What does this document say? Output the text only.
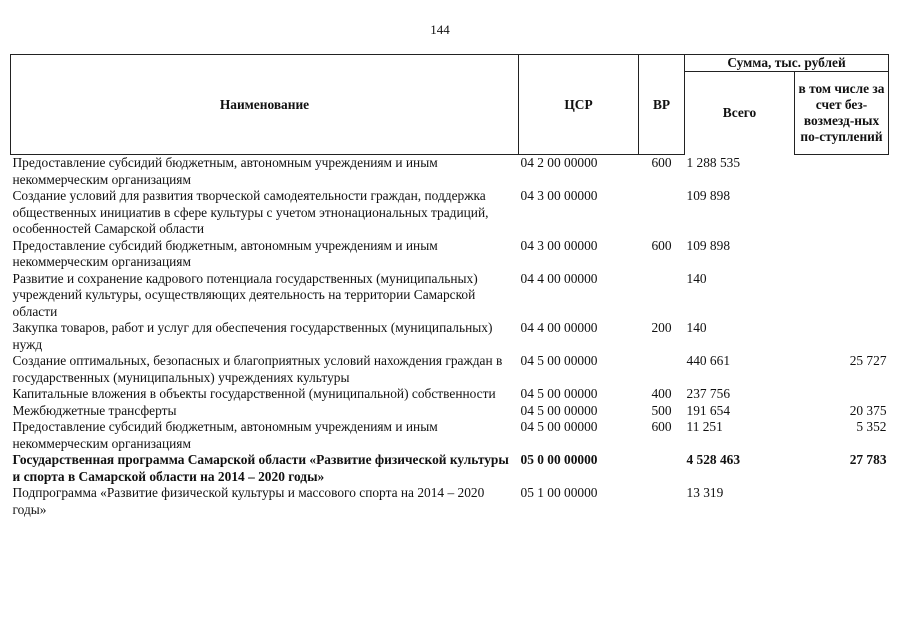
144
Наименование	ЦСР	ВР	Сумма, тыс. рублей	
			Всего	в том числе за счет без-возмезд-ных по-ступлений
Предоставление субсидий бюджетным, автономным учреждениям и иным некоммерческим организациям	04 2 00 00000	600	1 288 535	
Создание условий для развития творческой самодеятельности граждан, поддержка общественных инициатив в сфере культуры с учетом этнонациональных традиций, особенностей Самарской области	04 3 00 00000		109 898	
Предоставление субсидий бюджетным, автономным учреждениям и иным некоммерческим организациям	04 3 00 00000	600	109 898	
Развитие и сохранение кадрового потенциала государственных (муниципальных) учреждений культуры, осуществляющих деятельность на территории Самарской области	04 4 00 00000		140	
Закупка товаров, работ и услуг для обеспечения государственных (муниципальных) нужд	04 4 00 00000	200	140	
Создание оптимальных, безопасных и благоприятных условий нахождения граждан в государственных (муниципальных) учреждениях культуры	04 5 00 00000		440 661	25 727
Капитальные вложения в объекты государственной (муниципальной) собственности	04 5 00 00000	400	237 756	
Межбюджетные трансферты	04 5 00 00000	500	191 654	20 375
Предоставление субсидий бюджетным, автономным учреждениям и иным некоммерческим организациям	04 5 00 00000	600	11 251	5 352
Государственная программа Самарской области «Развитие физической культуры и спорта в Самарской области на 2014 – 2020 годы»	05 0 00 00000		4 528 463	27 783
Подпрограмма «Развитие физической культуры и массового спорта на 2014 – 2020 годы»	05 1 00 00000		13 319	
